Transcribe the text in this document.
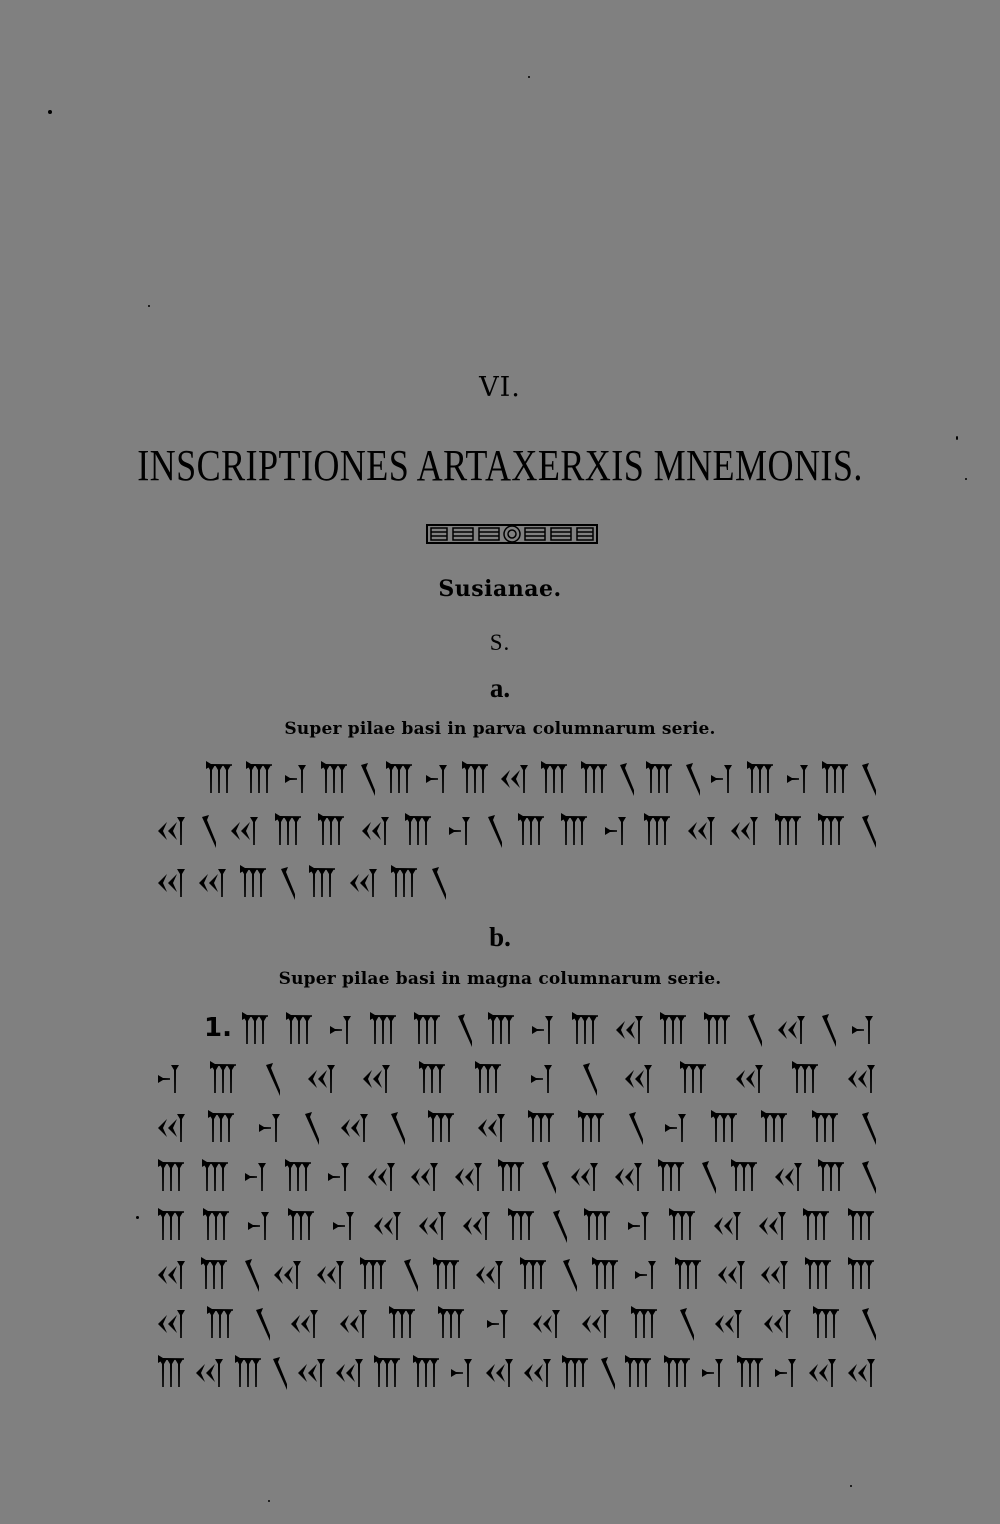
VI.
INSCRIPTIONES ARTAXERXIS MNEMONIS.
Susianae.
S.
a.
Super pilae basi in parva columnarum serie.
b.
Super pilae basi in magna columnarum serie.
1.
